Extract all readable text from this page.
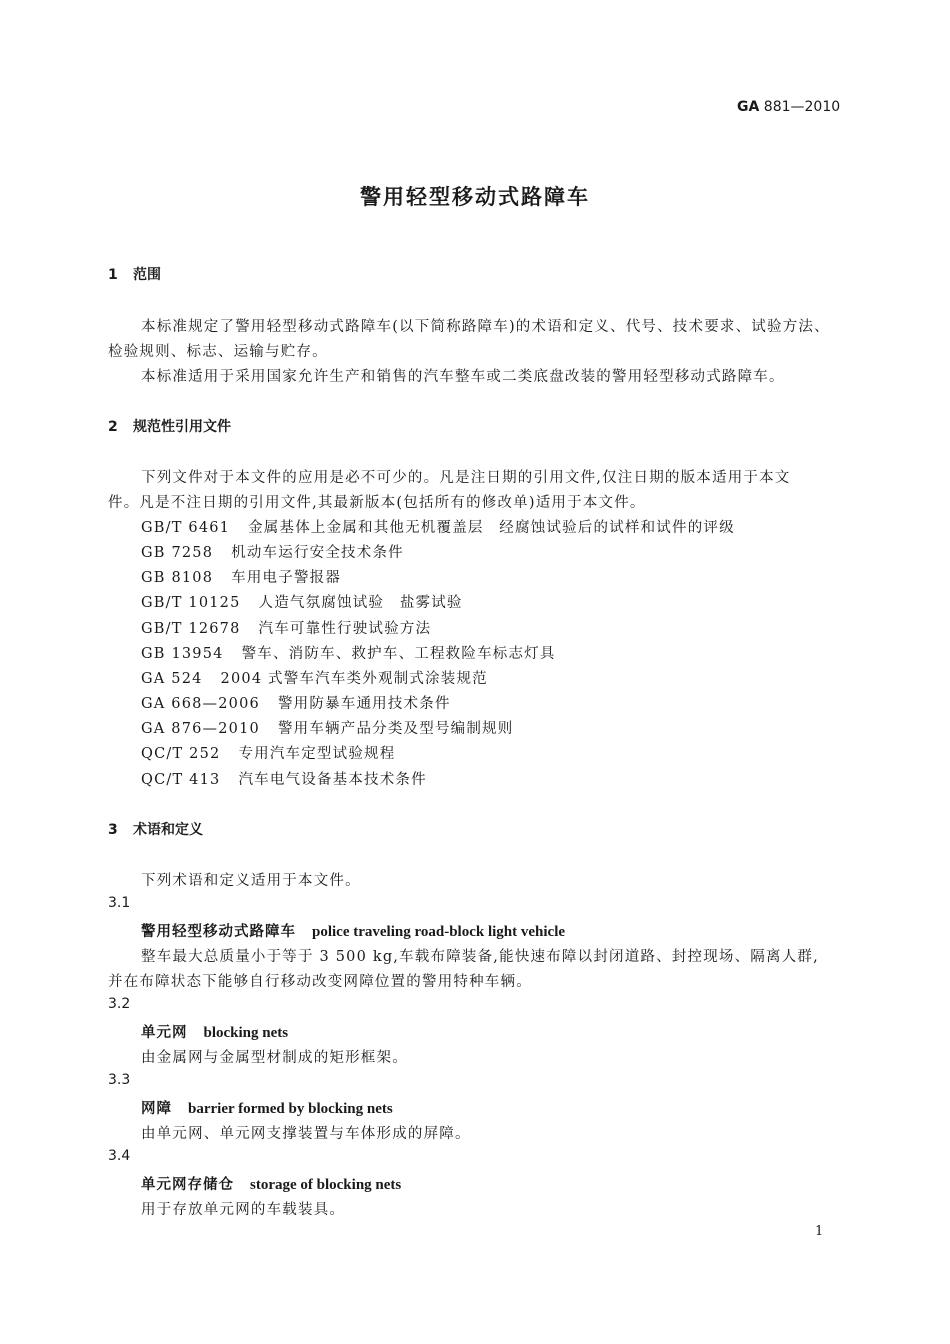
GA 881—2010
警用轻型移动式路障车
1 范围
本标准规定了警用轻型移动式路障车(以下简称路障车)的术语和定义、代号、技术要求、试验方法、
检验规则、标志、运输与贮存。
本标准适用于采用国家允许生产和销售的汽车整车或二类底盘改装的警用轻型移动式路障车。
2 规范性引用文件
下列文件对于本文件的应用是必不可少的。凡是注日期的引用文件,仅注日期的版本适用于本文
件。凡是不注日期的引用文件,其最新版本(包括所有的修改单)适用于本文件。
GB/T 6461 金属基体上金属和其他无机覆盖层　经腐蚀试验后的试样和试件的评级
GB 7258 机动车运行安全技术条件
GB 8108 车用电子警报器
GB/T 10125 人造气氛腐蚀试验　盐雾试验
GB/T 12678 汽车可靠性行驶试验方法
GB 13954 警车、消防车、救护车、工程救险车标志灯具
GA 524 2004 式警车汽车类外观制式涂装规范
GA 668—2006 警用防暴车通用技术条件
GA 876—2010 警用车辆产品分类及型号编制规则
QC/T 252 专用汽车定型试验规程
QC/T 413 汽车电气设备基本技术条件
3 术语和定义
下列术语和定义适用于本文件。
3.1
警用轻型移动式路障车 police traveling road-block light vehicle
整车最大总质量小于等于 3 500 kg,车载布障装备,能快速布障以封闭道路、封控现场、隔离人群,
并在布障状态下能够自行移动改变网障位置的警用特种车辆。
3.2
单元网 blocking nets
由金属网与金属型材制成的矩形框架。
3.3
网障 barrier formed by blocking nets
由单元网、单元网支撑装置与车体形成的屏障。
3.4
单元网存储仓 storage of blocking nets
用于存放单元网的车载装具。
1
